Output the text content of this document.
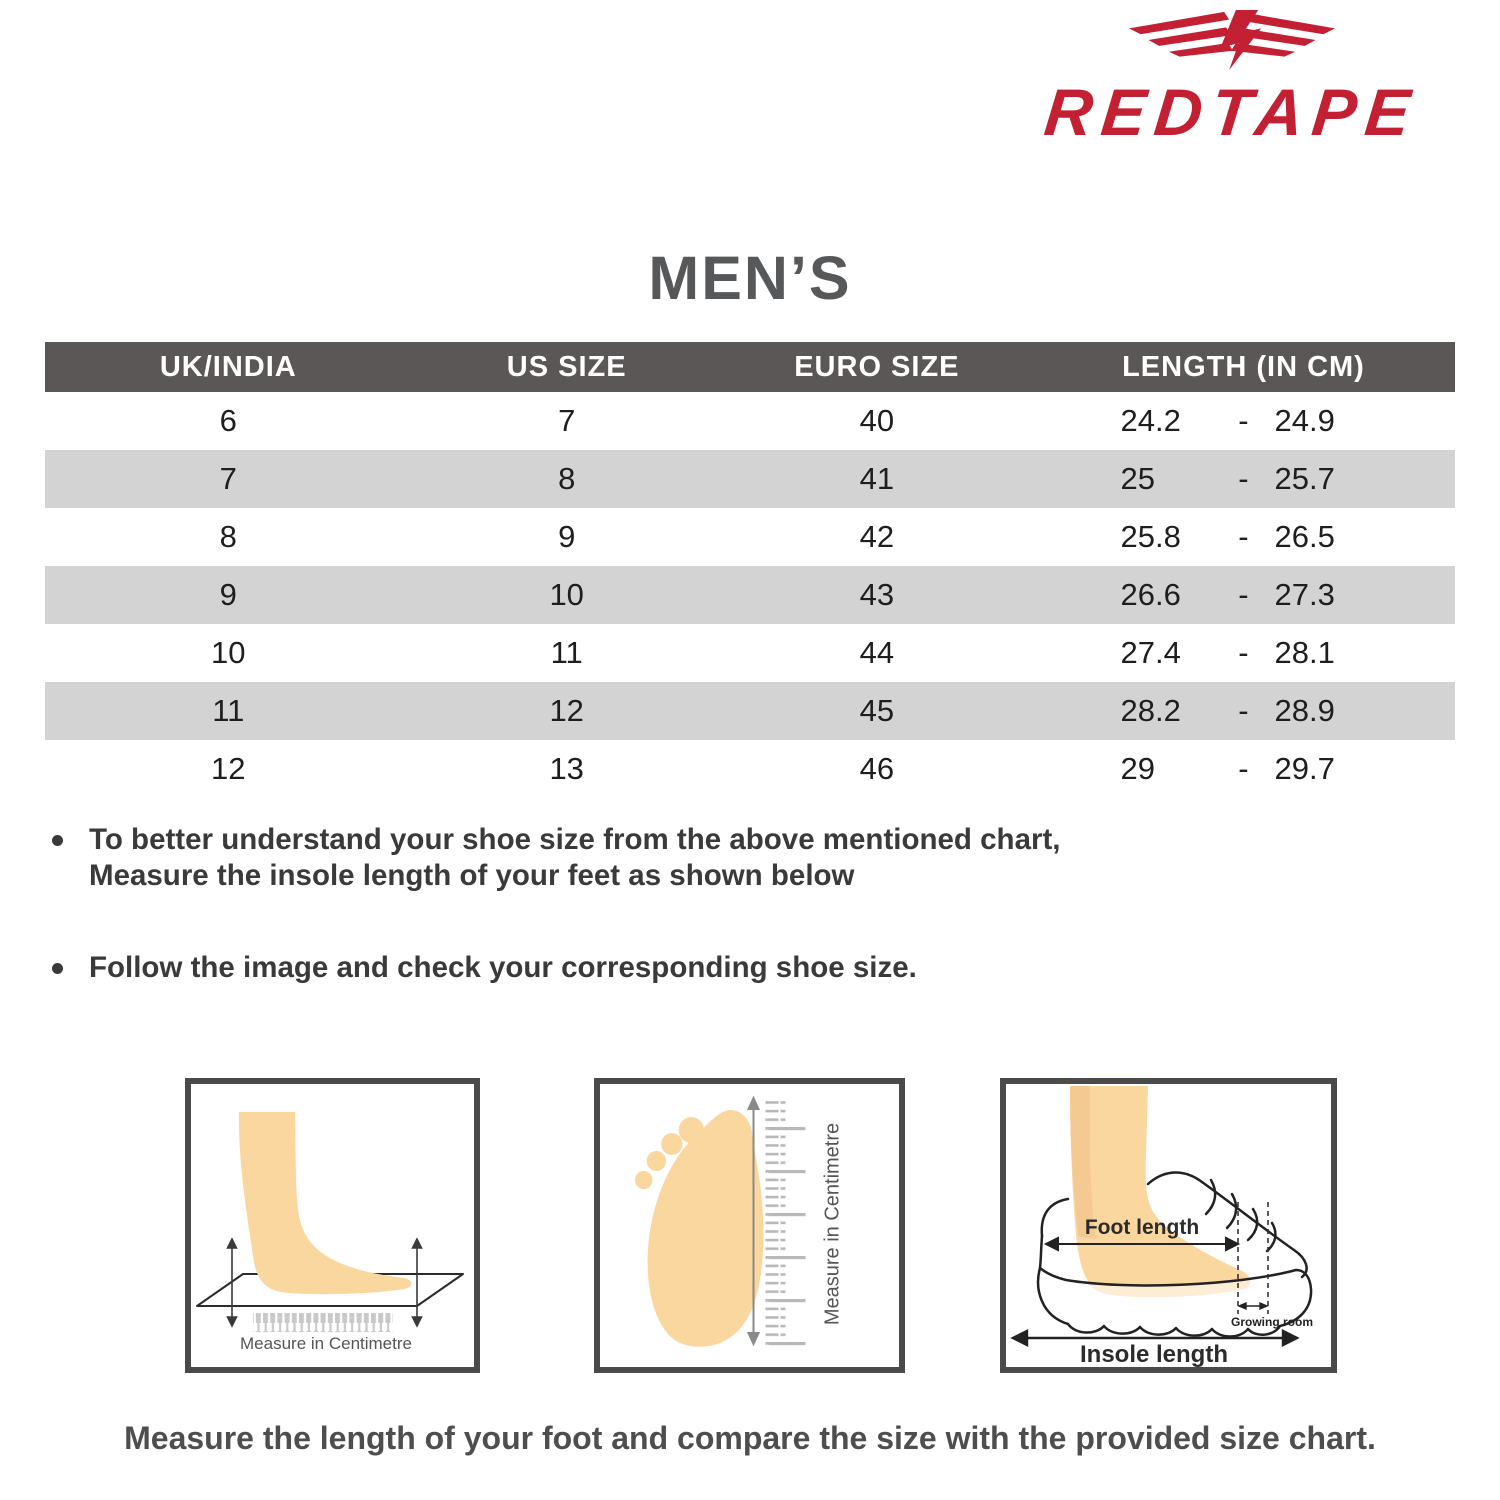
REDTAPE
MEN’S
UK/INDIA	US SIZE	EURO SIZE	LENGTH (IN CM)
6	7	40	24.2	- 24.9
7	8	41	25	- 25.7
8	9	42	25.8	- 26.5
9	10	43	26.6	- 27.3
10	11	44	27.4	- 28.1
11	12	45	28.2	- 28.9
12	13	46	29	- 29.7
To better understand your shoe size from the above mentioned chart,
Measure the insole length of your feet as shown below
Follow the image and check your corresponding shoe size.
Measure in Centimetre
Measure in Centimetre	Foot length
Growing room
Insole length

Measure the length of your foot and compare the size with the provided size chart.
